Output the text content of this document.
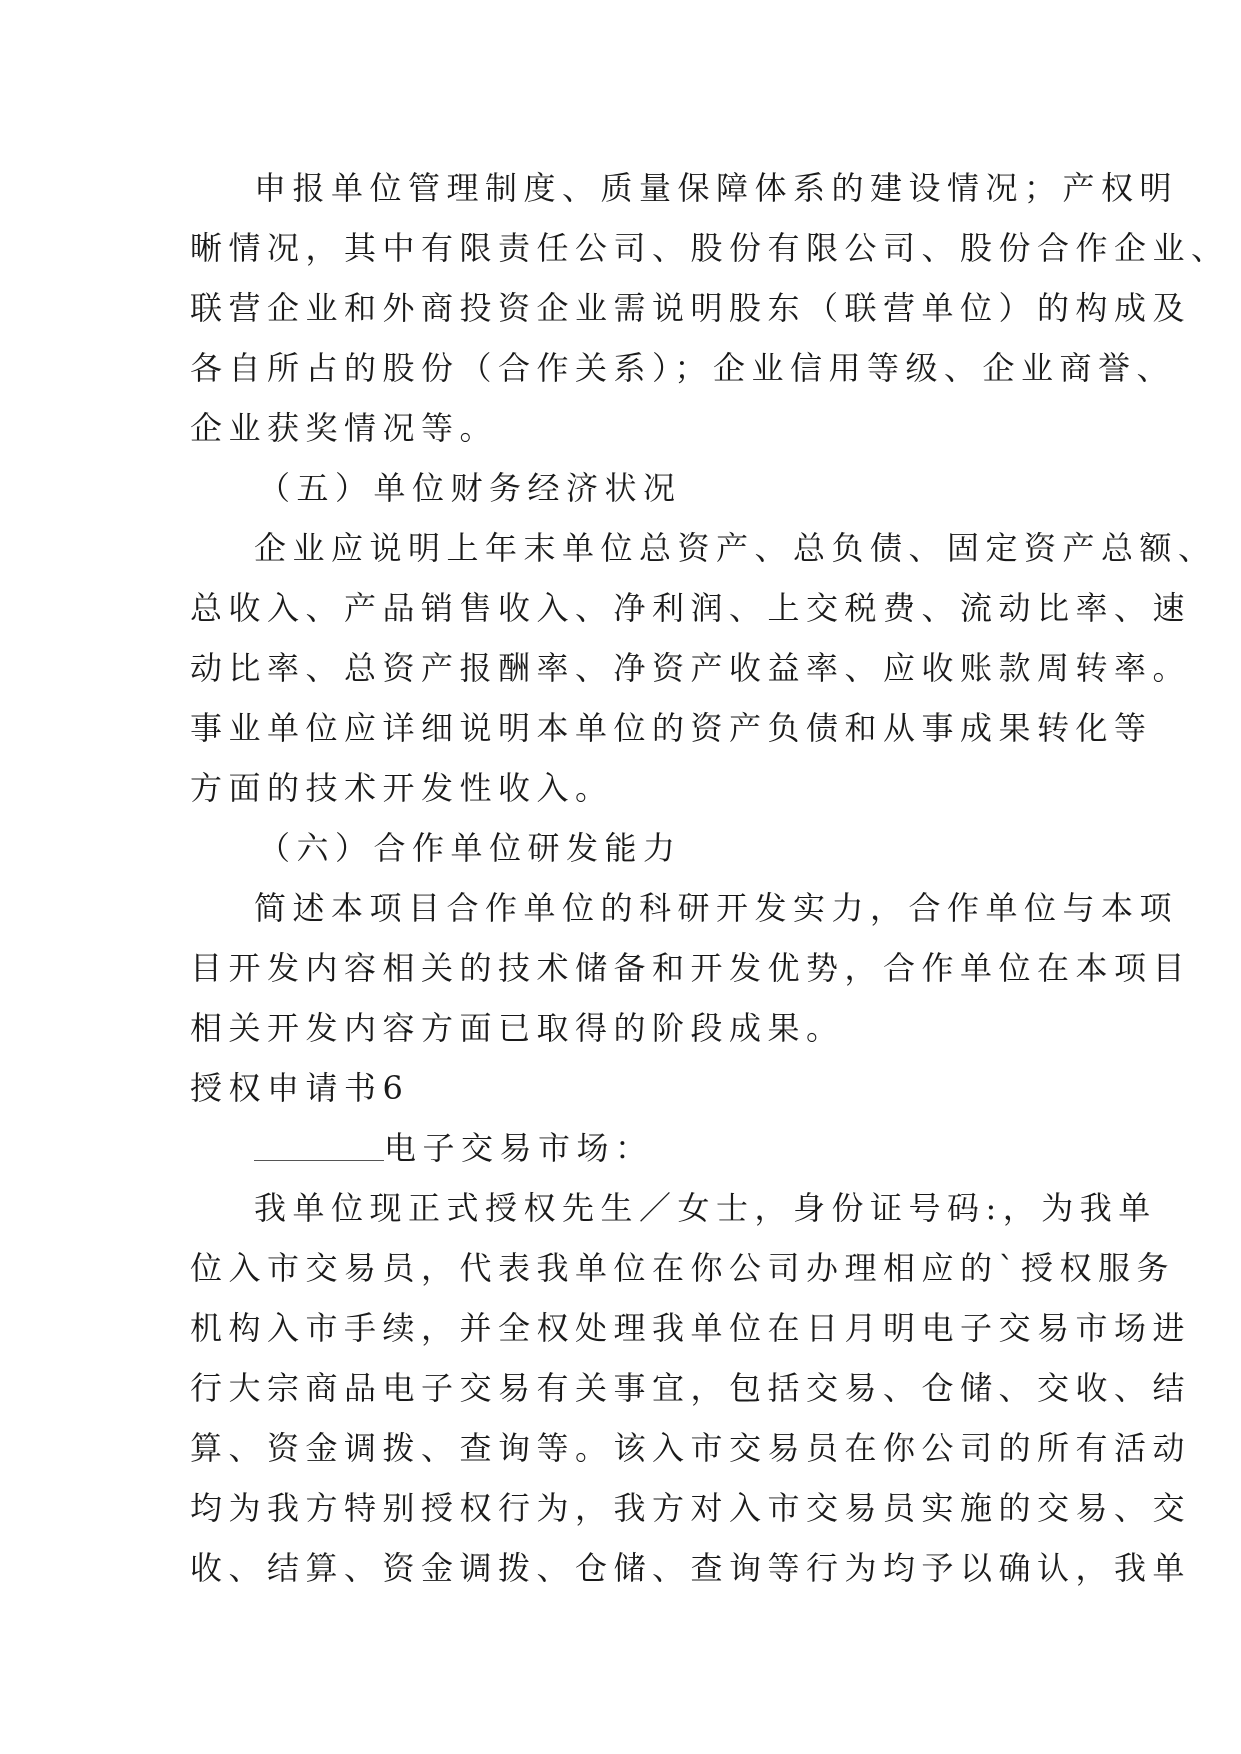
申报单位管理制度、质量保障体系的建设情况；产权明
晰情况，其中有限责任公司、股份有限公司、股份合作企业、
联营企业和外商投资企业需说明股东（联营单位）的构成及
各自所占的股份（合作关系）；企业信用等级、企业商誉、
企业获奖情况等。
（五）单位财务经济状况
企业应说明上年末单位总资产、总负债、固定资产总额、
总收入、产品销售收入、净利润、上交税费、流动比率、速
动比率、总资产报酬率、净资产收益率、应收账款周转率。
事业单位应详细说明本单位的资产负债和从事成果转化等
方面的技术开发性收入。
（六）合作单位研发能力
简述本项目合作单位的科研开发实力，合作单位与本项
目开发内容相关的技术储备和开发优势，合作单位在本项目
相关开发内容方面已取得的阶段成果。
授权申请书6
电子交易市场：
我单位现正式授权先生／女士，身份证号码:，为我单
位入市交易员，代表我单位在你公司办理相应的`授权服务
机构入市手续，并全权处理我单位在日月明电子交易市场进
行大宗商品电子交易有关事宜，包括交易、仓储、交收、结
算、资金调拨、查询等。该入市交易员在你公司的所有活动
均为我方特别授权行为，我方对入市交易员实施的交易、交
收、结算、资金调拨、仓储、查询等行为均予以确认，我单
